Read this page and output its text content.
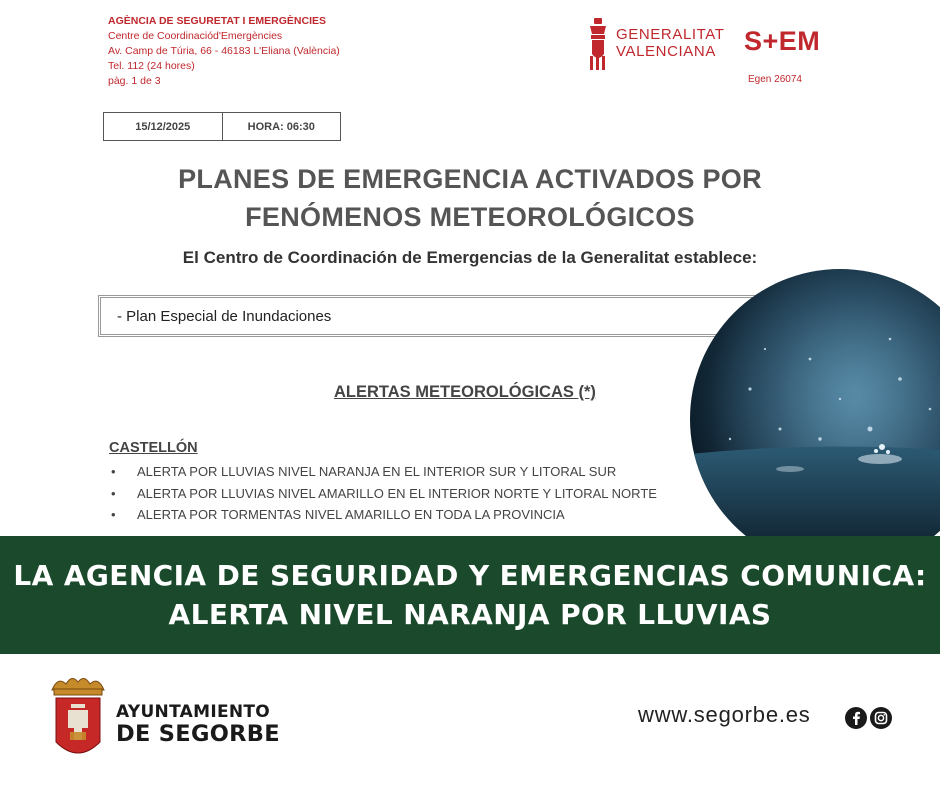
AGÈNCIA DE SEGURETAT I EMERGÈNCIES
Centre de Coordinaciód'Emergències
Av. Camp de Túria, 66 - 46183 L'Eliana (València)
Tel. 112 (24 hores)
pàg. 1 de 3
GENERALITAT
VALENCIANA	S+EM
Egen 26074
15/12/2025	HORA: 06:30
PLANES DE EMERGENCIA ACTIVADOS POR
FENÓMENOS METEOROLÓGICOS
El Centro de Coordinación de Emergencias de la Generalitat establece:
- Plan Especial de Inundaciones
ALERTAS METEOROLÓGICAS (*)
CASTELLÓN
• ALERTA POR LLUVIAS NIVEL NARANJA EN EL INTERIOR SUR Y LITORAL SUR
• ALERTA POR LLUVIAS NIVEL AMARILLO EN EL INTERIOR NORTE Y LITORAL NORTE
• ALERTA POR TORMENTAS NIVEL AMARILLO EN TODA LA PROVINCIA
LA AGENCIA DE SEGURIDAD Y EMERGENCIAS COMUNICA:
ALERTA NIVEL NARANJA POR LLUVIAS
AYUNTAMIENTO
DE SEGORBE
www.segorbe.es
